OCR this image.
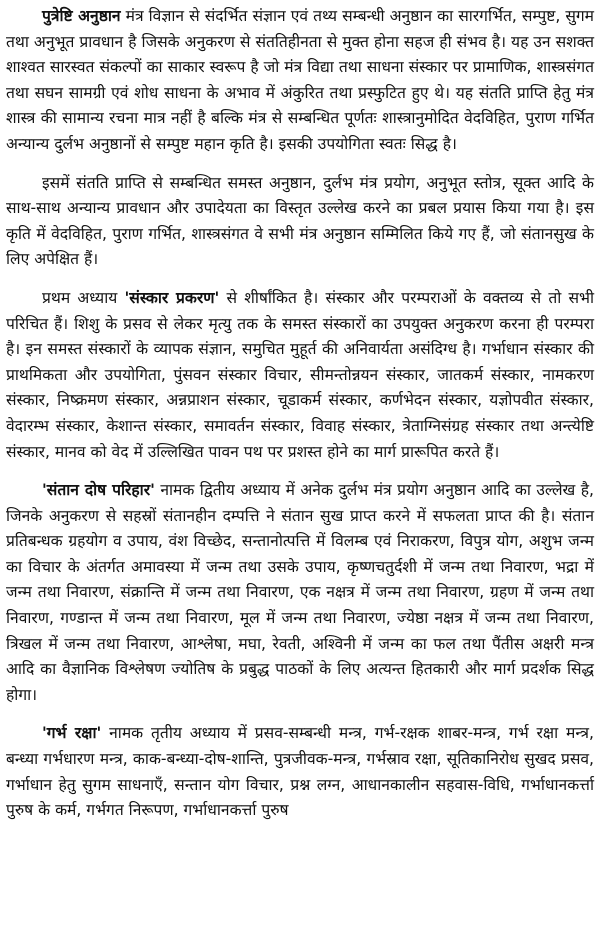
पुत्रेष्टि अनुष्ठान मंत्र विज्ञान से संदर्भित संज्ञान एवं तथ्य सम्बन्धी अनुष्ठान का सारगर्भित, सम्पुष्ट, सुगम तथा अनुभूत प्रावधान है जिसके अनुकरण से संततिहीनता से मुक्त होना सहज ही संभव है। यह उन सशक्त शाश्वत सारस्वत संकल्पों का साकार स्वरूप है जो मंत्र विद्या तथा साधना संस्कार पर प्रामाणिक, शास्त्रसंगत तथा सघन सामग्री एवं शोध साधना के अभाव में अंकुरित तथा प्रस्फुटित हुए थे। यह संतति प्राप्ति हेतु मंत्र शास्त्र की सामान्य रचना मात्र नहीं है बल्कि मंत्र से सम्बन्धित पूर्णतः शास्त्रानुमोदित वेदविहित, पुराण गर्भित अन्यान्य दुर्लभ अनुष्ठानों से सम्पुष्ट महान कृति है। इसकी उपयोगिता स्वतः सिद्ध है।

इसमें संतति प्राप्ति से सम्बन्धित समस्त अनुष्ठान, दुर्लभ मंत्र प्रयोग, अनुभूत स्तोत्र, सूक्त आदि के साथ-साथ अन्यान्य प्रावधान और उपादेयता का विस्तृत उल्लेख करने का प्रबल प्रयास किया गया है। इस कृति में वेदविहित, पुराण गर्भित, शास्त्रसंगत वे सभी मंत्र अनुष्ठान सम्मिलित किये गए हैं, जो संतानसुख के लिए अपेक्षित हैं।

प्रथम अध्याय 'संस्कार प्रकरण' से शीर्षांकित है। संस्कार और परम्पराओं के वक्तव्य से तो सभी परिचित हैं। शिशु के प्रसव से लेकर मृत्यु तक के समस्त संस्कारों का उपयुक्त अनुकरण करना ही परम्परा है। इन समस्त संस्कारों के व्यापक संज्ञान, समुचित मुहूर्त की अनिवार्यता असंदिग्ध है। गर्भाधान संस्कार की प्राथमिकता और उपयोगिता, पुंसवन संस्कार विचार, सीमन्तोन्नयन संस्कार, जातकर्म संस्कार, नामकरण संस्कार, निष्क्रमण संस्कार, अन्नप्राशन संस्कार, चूडाकर्म संस्कार, कर्णभेदन संस्कार, यज्ञोपवीत संस्कार, वेदारम्भ संस्कार, केशान्त संस्कार, समावर्तन संस्कार, विवाह संस्कार, त्रेताग्निसंग्रह संस्कार तथा अन्त्येष्टि संस्कार, मानव को वेद में उल्लिखित पावन पथ पर प्रशस्त होने का मार्ग प्रारूपित करते हैं।

'संतान दोष परिहार' नामक द्वितीय अध्याय में अनेक दुर्लभ मंत्र प्रयोग अनुष्ठान आदि का उल्लेख है, जिनके अनुकरण से सहस्रों संतानहीन दम्पत्ति ने संतान सुख प्राप्त करने में सफलता प्राप्त की है। संतान प्रतिबन्धक ग्रहयोग व उपाय, वंश विच्छेद, सन्तानोत्पत्ति में विलम्ब एवं निराकरण, विपुत्र योग, अशुभ जन्म का विचार के अंतर्गत अमावस्या में जन्म तथा उसके उपाय, कृष्णचतुर्दशी में जन्म तथा निवारण, भद्रा में जन्म तथा निवारण, संक्रान्ति में जन्म तथा निवारण, एक नक्षत्र में जन्म तथा निवारण, ग्रहण में जन्म तथा निवारण, गण्डान्त में जन्म तथा निवारण, मूल में जन्म तथा निवारण, ज्येष्ठा नक्षत्र में जन्म तथा निवारण, त्रिखल में जन्म तथा निवारण, आश्लेषा, मघा, रेवती, अश्विनी में जन्म का फल तथा पैंतीस अक्षरी मन्त्र आदि का वैज्ञानिक विश्लेषण ज्योतिष के प्रबुद्ध पाठकों के लिए अत्यन्त हितकारी और मार्ग प्रदर्शक सिद्ध होगा।

'गर्भ रक्षा' नामक तृतीय अध्याय में प्रसव-सम्बन्धी मन्त्र, गर्भ-रक्षक शाबर-मन्त्र, गर्भ रक्षा मन्त्र, बन्ध्या गर्भधारण मन्त्र, काक-बन्ध्या-दोष-शान्ति, पुत्रजीवक-मन्त्र, गर्भस्राव रक्षा, सूतिकानिरोध सुखद प्रसव, गर्भाधान हेतु सुगम साधनाएँ, सन्तान योग विचार, प्रश्न लग्न, आधानकालीन सहवास-विधि, गर्भाधानकर्त्ता पुरुष के कर्म, गर्भगत निरूपण, गर्भाधानकर्त्ता पुरुष
